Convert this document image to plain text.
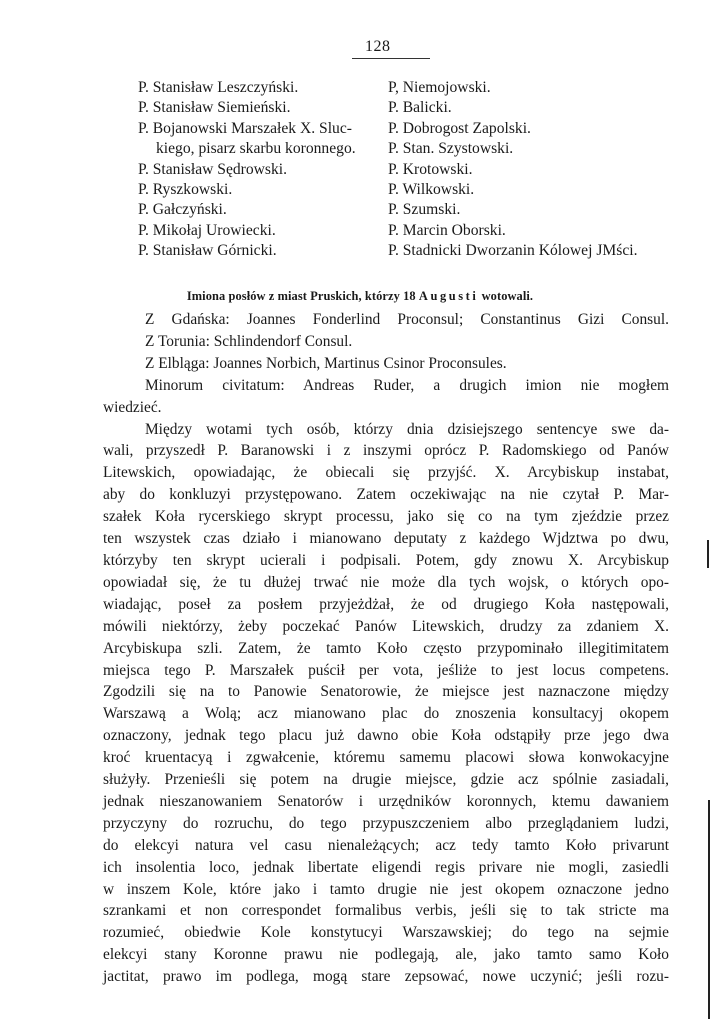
128
P. Stanisław Leszczyński.
P. Stanisław Siemieński.
P. Bojanowski Marszałek X. Sluc-
kiego, pisarz skarbu koronnego.
P. Stanisław Sędrowski.
P. Ryszkowski.
P. Gałczyński.
P. Mikołaj Urowiecki.
P. Stanisław Górnicki.
P, Niemojowski.
P. Balicki.
P. Dobrogost Zapolski.
P. Stan. Szystowski.
P. Krotowski.
P. Wilkowski.
P. Szumski.
P. Marcin Oborski.
P. Stadnicki Dworzanin Kólowej JMści.
Imiona posłów z miast Pruskich, którzy 18 Augusti wotowali.
Z Gdańska: Joannes Fonderlind Proconsul; Constantinus Gizi Consul.
Z Torunia: Schlindendorf Consul.
Z Elbląga: Joannes Norbich, Martinus Csinor Proconsules.
Minorum civitatum: Andreas Ruder, a drugich imion nie mogłem
wiedzieć.
Między wotami tych osób, którzy dnia dzisiejszego sentencye swe da-
wali, przyszedł P. Baranowski i z inszymi oprócz P. Radomskiego od Panów
Litewskich, opowiadając, że obiecali się przyjść. X. Arcybiskup instabat,
aby do konkluzyi przystępowano. Zatem oczekiwając na nie czytał P. Mar-
szałek Koła rycerskiego skrypt processu, jako się co na tym zjeździe przez
ten wszystek czas działo i mianowano deputaty z każdego Wjdztwa po dwu,
którzyby ten skrypt ucierali i podpisali. Potem, gdy znowu X. Arcybiskup
opowiadał się, że tu dłużej trwać nie może dla tych wojsk, o których opo-
wiadając, poseł za posłem przyjeżdżał, że od drugiego Koła następowali,
mówili niektórzy, żeby poczekać Panów Litewskich, drudzy za zdaniem X.
Arcybiskupa szli. Zatem, że tamto Koło często przypominało illegitimitatem
miejsca tego P. Marszałek puścił per vota, jeśliże to jest locus competens.
Zgodzili się na to Panowie Senatorowie, że miejsce jest naznaczone między
Warszawą a Wolą; acz mianowano plac do znoszenia konsultacyj okopem
oznaczony, jednak tego placu już dawno obie Koła odstąpiły prze jego dwa
kroć kruentacyą i zgwałcenie, któremu samemu placowi słowa konwokacyjne
służyły. Przenieśli się potem na drugie miejsce, gdzie acz spólnie zasiadali,
jednak nieszanowaniem Senatorów i urzędników koronnych, ktemu dawaniem
przyczyny do rozruchu, do tego przypuszczeniem albo przeglądaniem ludzi,
do elekcyi natura vel casu nienależących; acz tedy tamto Koło privarunt
ich insolentia loco, jednak libertate eligendi regis privare nie mogli, zasiedli
w inszem Kole, które jako i tamto drugie nie jest okopem oznaczone jedno
szrankami et non correspondet formalibus verbis, jeśli się to tak stricte ma
rozumieć, obiedwie Kole konstytucyi Warszawskiej; do tego na sejmie
elekcyi stany Koronne prawu nie podlegają, ale, jako tamto samo Koło
jactitat, prawo im podlega, mogą stare zepsować, nowe uczynić; jeśli rozu-
